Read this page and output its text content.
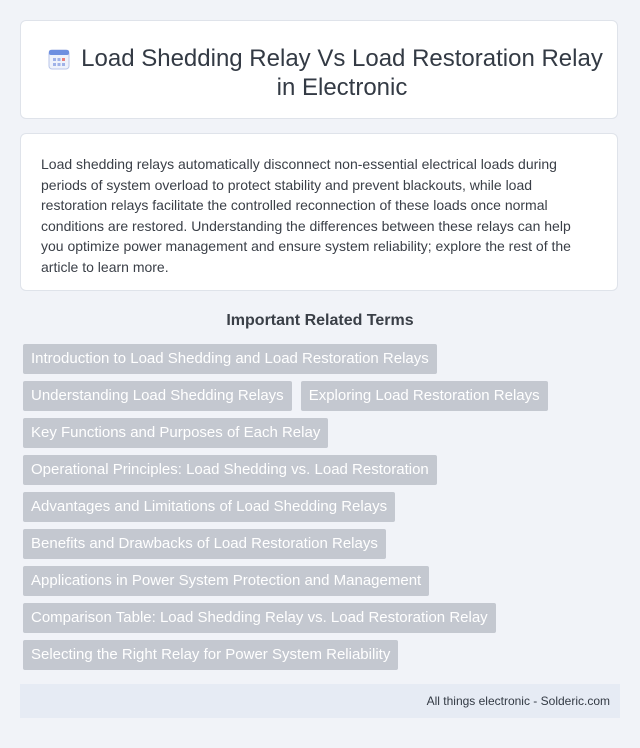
Load Shedding Relay Vs Load Restoration Relay in Electronic

Load shedding relays automatically disconnect non-essential electrical loads during periods of system overload to protect stability and prevent blackouts, while load restoration relays facilitate the controlled reconnection of these loads once normal conditions are restored. Understanding the differences between these relays can help you optimize power management and ensure system reliability; explore the rest of the article to learn more.

Important Related Terms
Introduction to Load Shedding and Load Restoration Relays
Understanding Load Shedding Relays	Exploring Load Restoration Relays
Key Functions and Purposes of Each Relay
Operational Principles: Load Shedding vs. Load Restoration
Advantages and Limitations of Load Shedding Relays
Benefits and Drawbacks of Load Restoration Relays
Applications in Power System Protection and Management
Comparison Table: Load Shedding Relay vs. Load Restoration Relay
Selecting the Right Relay for Power System Reliability
All things electronic - Solderic.com
